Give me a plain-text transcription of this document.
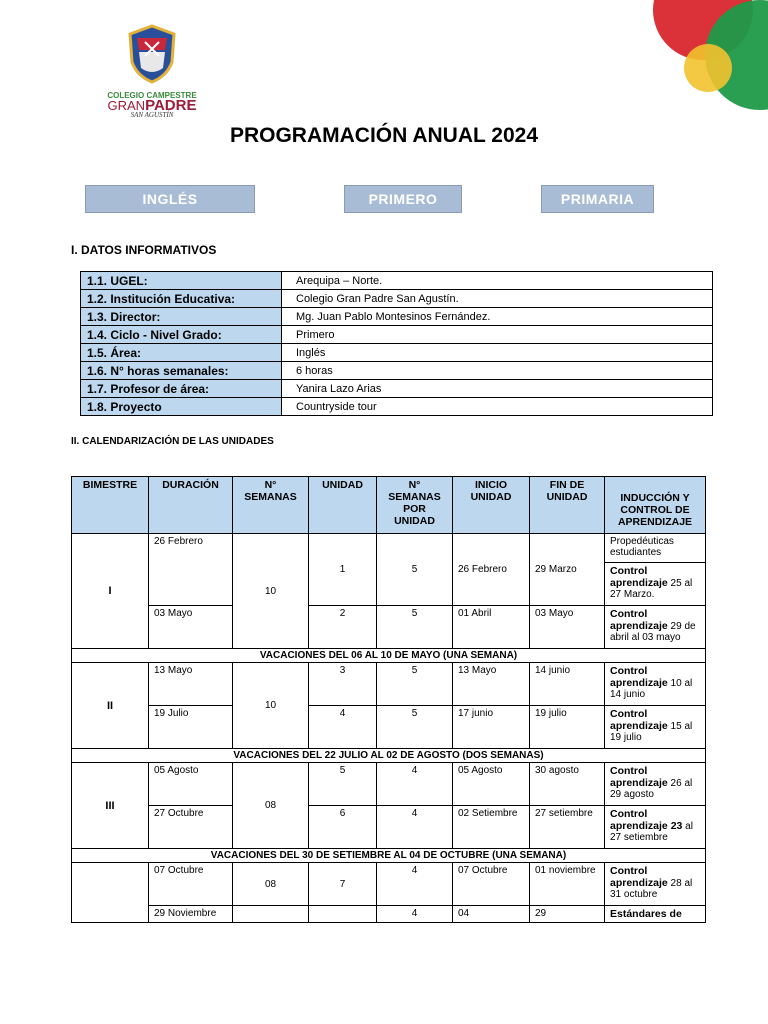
COLEGIO CAMPESTRE
GRANPADRE
SAN AGUSTÍN
PROGRAMACIÓN ANUAL 2024
INGLÉS	PRIMERO	PRIMARIA
I. DATOS INFORMATIVOS
1.1. UGEL:	Arequipa – Norte.
1.2. Institución Educativa:	Colegio Gran Padre San Agustín.
1.3. Director:	Mg. Juan Pablo Montesinos Fernández.
1.4. Ciclo - Nivel Grado:	Primero
1.5. Área:	Inglés
1.6. N° horas semanales:	6 horas
1.7. Profesor de área:	Yanira Lazo Arias
1.8. Proyecto	Countryside tour
II. CALENDARIZACIÓN DE LAS UNIDADES
BIMESTRE	DURACIÓN	N° SEMANAS	UNIDAD	N° SEMANAS POR UNIDAD	INICIO UNIDAD	FIN DE UNIDAD	INDUCCIÓN Y CONTROL DE APRENDIZAJE
I	26 Febrero	10	1	5	26 Febrero	29 Marzo	Propedéuticas estudiantes
							Control aprendizaje 25 al 27 Marzo.
	03 Mayo		2	5	01 Abril	03 Mayo	Control aprendizaje 29 de abril al 03 mayo
VACACIONES DEL 06 AL 10 DE MAYO (UNA SEMANA)							
II	13 Mayo	10	3	5	13 Mayo	14 junio	Control aprendizaje 10 al 14 junio
	19 Julio		4	5	17 junio	19 julio	Control aprendizaje 15 al 19 julio
VACACIONES DEL 22 JULIO AL 02 DE AGOSTO (DOS SEMANAS)							
III	05 Agosto	08	5	4	05 Agosto	30 agosto	Control aprendizaje 26 al 29 agosto
	27 Octubre		6	4	02 Setiembre	27 setiembre	Control aprendizaje 23 al 27 setiembre
VACACIONES DEL 30 DE SETIEMBRE AL 04 DE OCTUBRE (UNA SEMANA)							
	07 Octubre	08	7	4	07 Octubre	01 noviembre	Control aprendizaje 28 al 31 octubre
	29 Noviembre			4	04	29	Estándares de
